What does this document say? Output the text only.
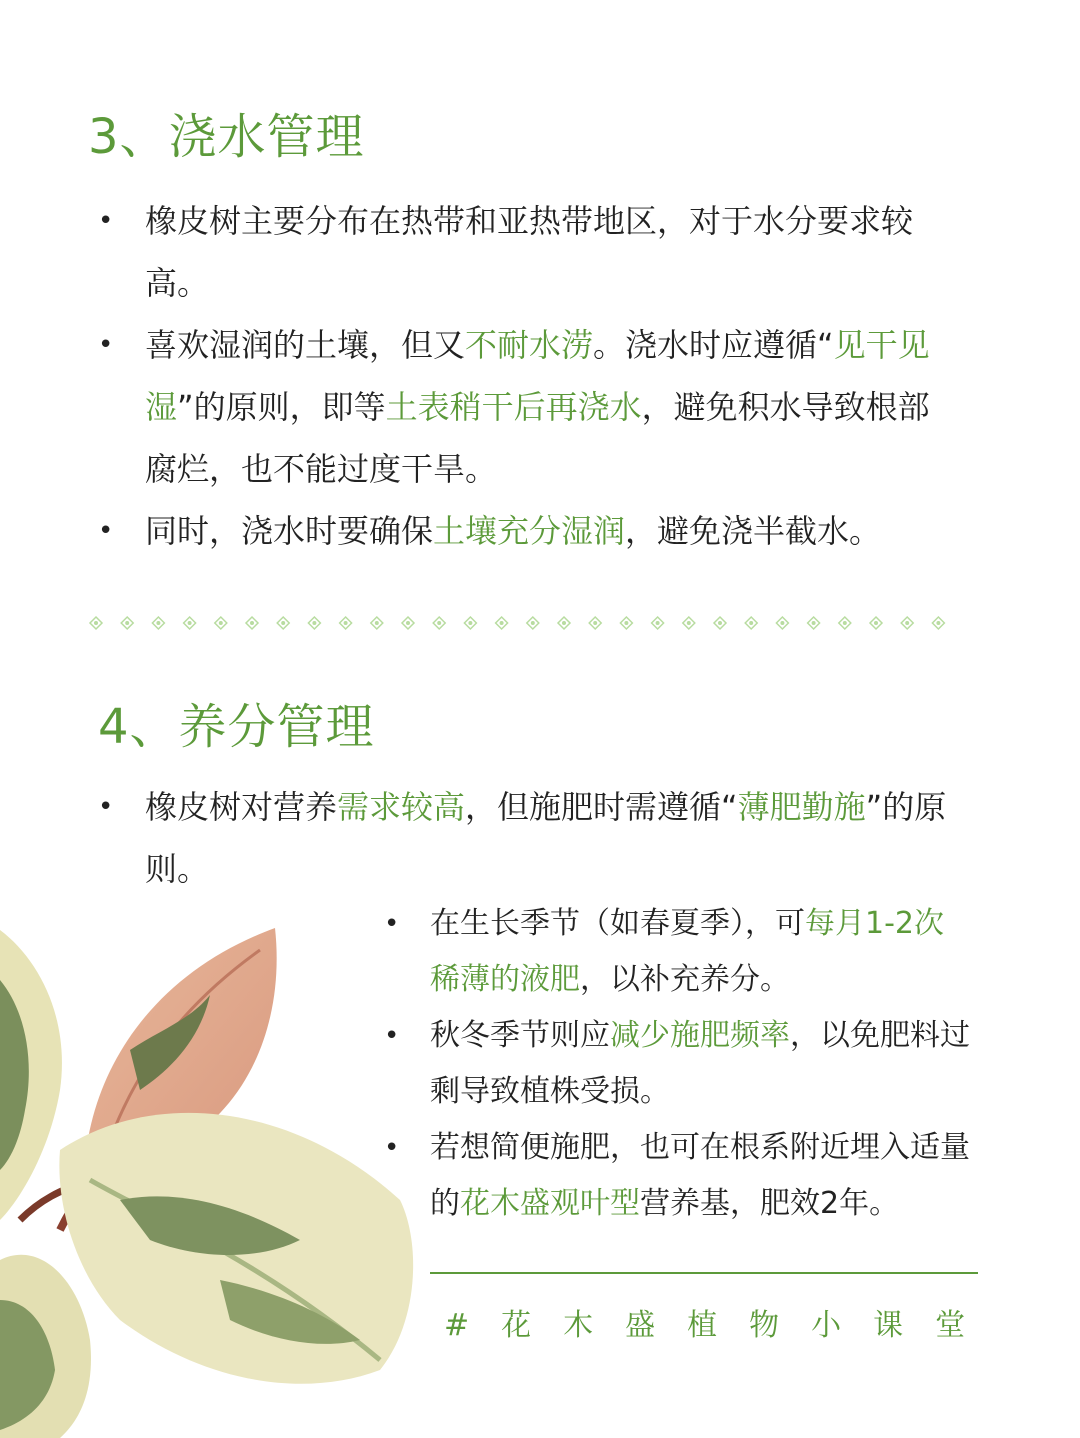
3、浇水管理
• 橡皮树主要分布在热带和亚热带地区，对于水分要求较高。
• 喜欢湿润的土壤，但又不耐水涝。浇水时应遵循“见干见湿”的原则，即等土表稍干后再浇水，避免积水导致根部腐烂，也不能过度干旱。
• 同时，浇水时要确保土壤充分湿润，避免浇半截水。
4、养分管理
• 橡皮树对营养需求较高，但施肥时需遵循“薄肥勤施”的原则。
• 在生长季节（如春夏季），可每月1-2次稀薄的液肥，以补充养分。
• 秋冬季节则应减少施肥频率，以免肥料过剩导致植株受损。
• 若想简便施肥，也可在根系附近埋入适量的花木盛观叶型营养基，肥效2年。
#花木盛植物小课堂
